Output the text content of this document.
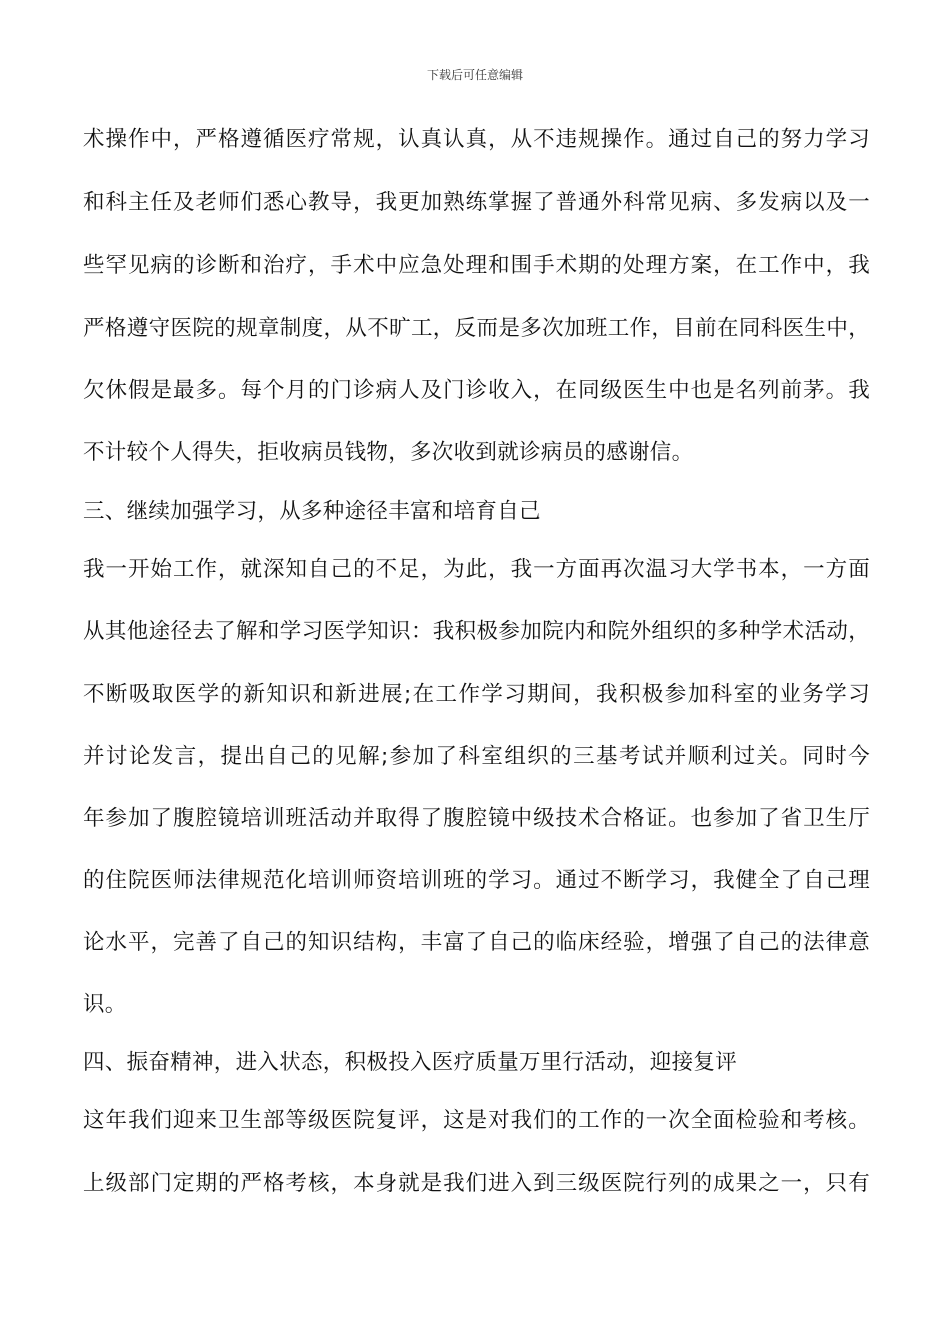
下载后可任意编辑
术操作中，严格遵循医疗常规，认真认真，从不违规操作。通过自己的努力学习
和科主任及老师们悉心教导，我更加熟练掌握了普通外科常见病、多发病以及一
些罕见病的诊断和治疗，手术中应急处理和围手术期的处理方案，在工作中，我
严格遵守医院的规章制度，从不旷工，反而是多次加班工作，目前在同科医生中，
欠休假是最多。每个月的门诊病人及门诊收入，在同级医生中也是名列前茅。我
不计较个人得失，拒收病员钱物，多次收到就诊病员的感谢信。
三、继续加强学习，从多种途径丰富和培育自己
我一开始工作，就深知自己的不足，为此，我一方面再次温习大学书本，一方面
从其他途径去了解和学习医学知识：我积极参加院内和院外组织的多种学术活动，
不断吸取医学的新知识和新进展;在工作学习期间，我积极参加科室的业务学习
并讨论发言，提出自己的见解;参加了科室组织的三基考试并顺利过关。同时今
年参加了腹腔镜培训班活动并取得了腹腔镜中级技术合格证。也参加了省卫生厅
的住院医师法律规范化培训师资培训班的学习。通过不断学习，我健全了自己理
论水平，完善了自己的知识结构，丰富了自己的临床经验，增强了自己的法律意
识。
四、振奋精神，进入状态，积极投入医疗质量万里行活动，迎接复评
这年我们迎来卫生部等级医院复评，这是对我们的工作的一次全面检验和考核。
上级部门定期的严格考核，本身就是我们进入到三级医院行列的成果之一，只有
